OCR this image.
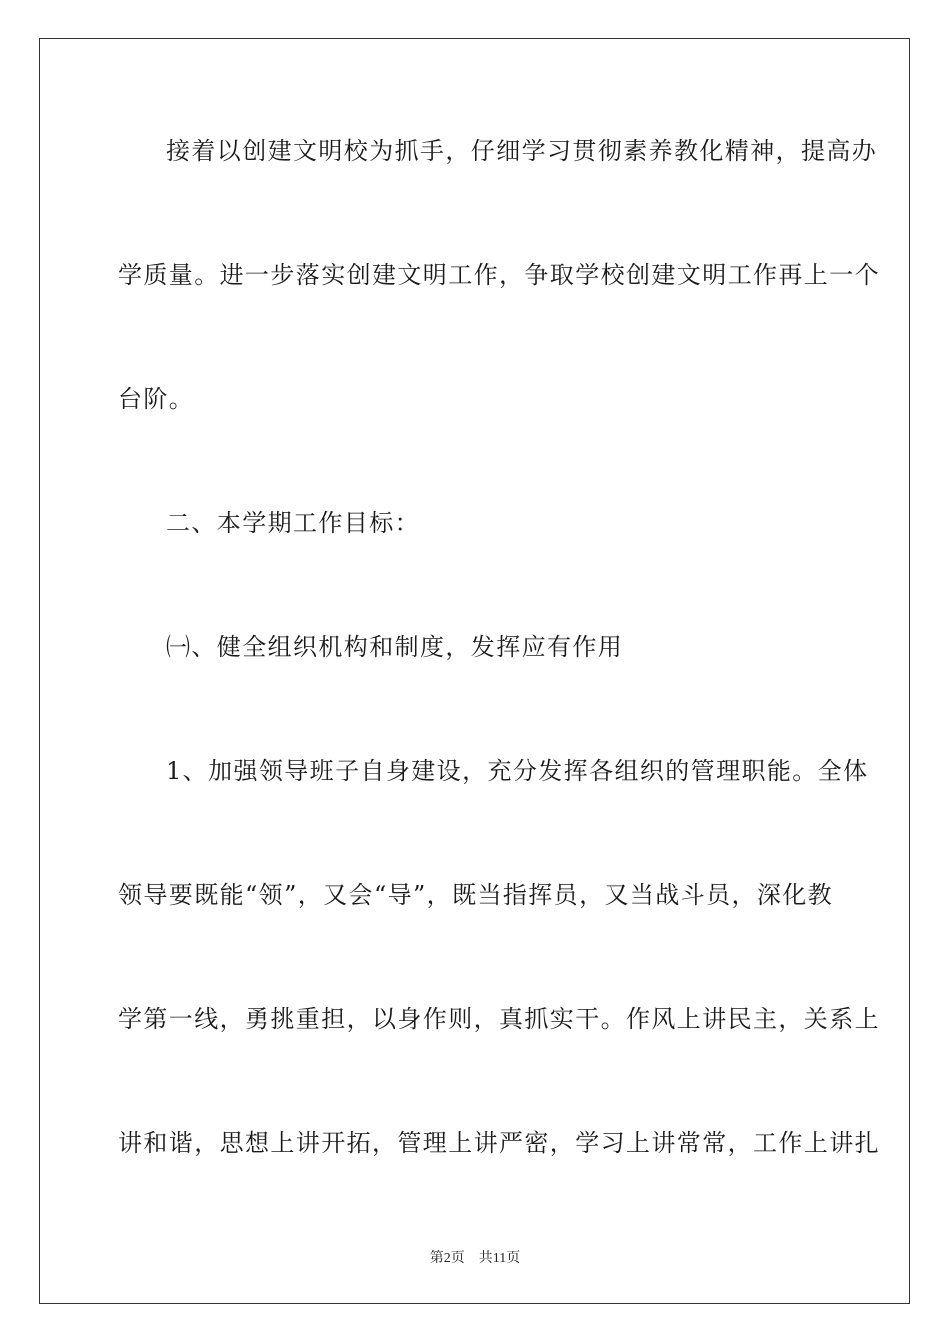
接着以创建文明校为抓手，仔细学习贯彻素养教化精神，提高办
学质量。进一步落实创建文明工作，争取学校创建文明工作再上一个
台阶。
二、本学期工作目标：
㈠、健全组织机构和制度，发挥应有作用
1、加强领导班子自身建设，充分发挥各组织的管理职能。全体
领导要既能“领”，又会“导”，既当指挥员，又当战斗员，深化教
学第一线，勇挑重担，以身作则，真抓实干。作风上讲民主，关系上
讲和谐，思想上讲开拓，管理上讲严密，学习上讲常常，工作上讲扎
第2页 共11页
